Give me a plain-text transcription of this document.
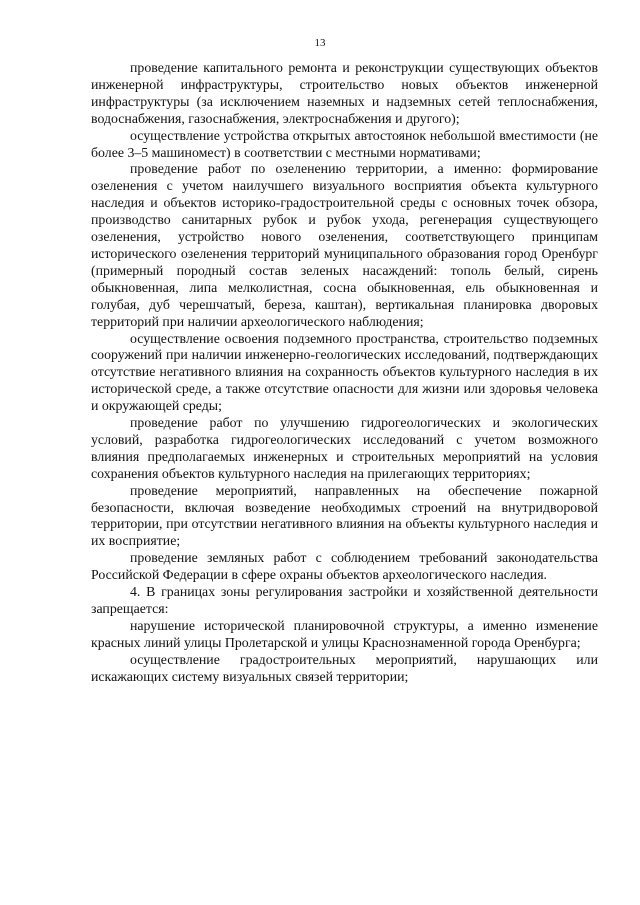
13

проведение капитального ремонта и реконструкции существующих объектов инженерной инфраструктуры, строительство новых объектов инженерной инфраструктуры (за исключением наземных и надземных сетей теплоснабжения, водоснабжения, газоснабжения, электроснабжения и другого);

осуществление устройства открытых автостоянок небольшой вместимости (не более 3–5 машиномест) в соответствии с местными нормативами;

проведение работ по озеленению территории, а именно: формирование озеленения с учетом наилучшего визуального восприятия объекта культурного наследия и объектов историко-градостроительной среды с основных точек обзора, производство санитарных рубок и рубок ухода, регенерация существующего озеленения, устройство нового озеленения, соответствующего принципам исторического озеленения территорий муниципального образования город Оренбург (примерный породный состав зеленых насаждений: тополь белый, сирень обыкновенная, липа мелколистная, сосна обыкновенная, ель обыкновенная и голубая, дуб черешчатый, береза, каштан), вертикальная планировка дворовых территорий при наличии археологического наблюдения;

осуществление освоения подземного пространства, строительство подземных сооружений при наличии инженерно-геологических исследований, подтверждающих отсутствие негативного влияния на сохранность объектов культурного наследия в их исторической среде, а также отсутствие опасности для жизни или здоровья человека и окружающей среды;

проведение работ по улучшению гидрогеологических и экологических условий, разработка гидрогеологических исследований с учетом возможного влияния предполагаемых инженерных и строительных мероприятий на условия сохранения объектов культурного наследия на прилегающих территориях;

проведение мероприятий, направленных на обеспечение пожарной безопасности, включая возведение необходимых строений на внутридворовой территории, при отсутствии негативного влияния на объекты культурного наследия и их восприятие;

проведение земляных работ с соблюдением требований законодательства Российской Федерации в сфере охраны объектов археологического наследия.

4. В границах зоны регулирования застройки и хозяйственной деятельности запрещается:

нарушение исторической планировочной структуры, а именно изменение красных линий улицы Пролетарской и улицы Краснознаменной города Оренбурга;

осуществление градостроительных мероприятий, нарушающих или искажающих систему визуальных связей территории;
